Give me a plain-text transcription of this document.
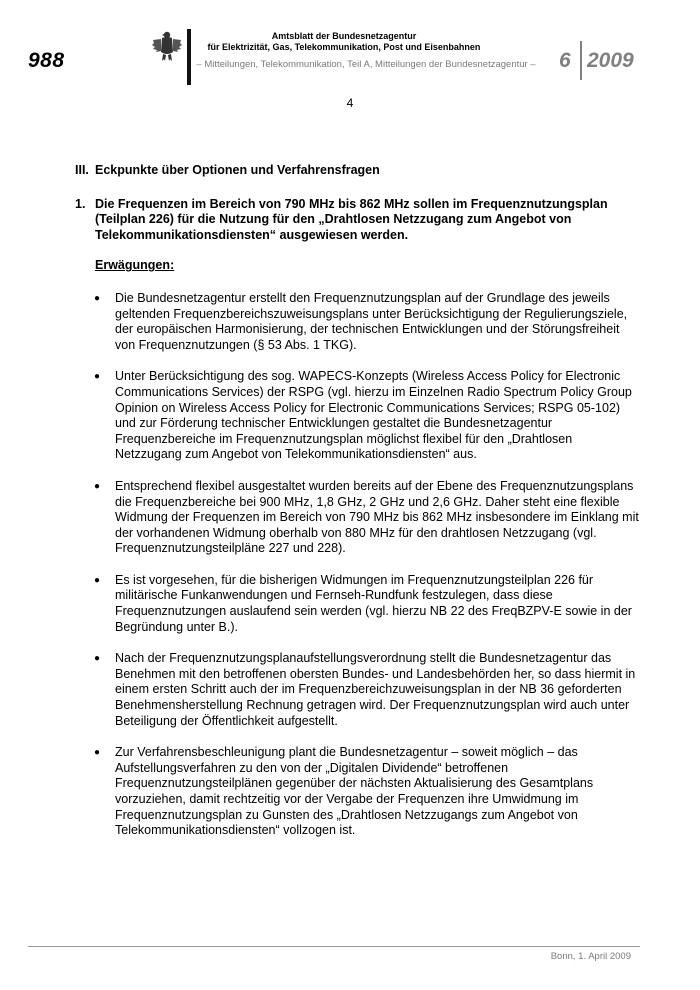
988
Amtsblatt der Bundesnetzagentur
für Elektrizität, Gas, Telekommunikation, Post und Eisenbahnen
– Mitteilungen, Telekommunikation, Teil A, Mitteilungen der Bundesnetzagentur – 6 2009
4
III. Eckpunkte über Optionen und Verfahrensfragen
1. Die Frequenzen im Bereich von 790 MHz bis 862 MHz sollen im Frequenznutzungsplan (Teilplan 226) für die Nutzung für den „Drahtlosen Netzzugang zum Angebot von Telekommunikationsdiensten“ ausgewiesen werden.
Erwägungen:
●	Die Bundesnetzagentur erstellt den Frequenznutzungsplan auf der Grundlage des jeweils geltenden Frequenzbereichszuweisungsplans unter Berücksichtigung der Regulierungsziele, der europäischen Harmonisierung, der technischen Entwicklungen und der Störungsfreiheit von Frequenznutzungen (§ 53 Abs. 1 TKG).
●	Unter Berücksichtigung des sog. WAPECS-Konzepts (Wireless Access Policy for Electronic Communications Services) der RSPG (vgl. hierzu im Einzelnen Radio Spectrum Policy Group Opinion on Wireless Access Policy for Electronic Communications Services; RSPG 05-102) und zur Förderung technischer Entwicklungen gestaltet die Bundesnetzagentur Frequenzbereiche im Frequenznutzungsplan möglichst flexibel für den „Drahtlosen Netzzugang zum Angebot von Telekommunikationsdiensten“ aus.
●	Entsprechend flexibel ausgestaltet wurden bereits auf der Ebene des Frequenznutzungsplans die Frequenzbereiche bei 900 MHz, 1,8 GHz, 2 GHz und 2,6 GHz. Daher steht eine flexible Widmung der Frequenzen im Bereich von 790 MHz bis 862 MHz insbesondere im Einklang mit der vorhandenen Widmung oberhalb von 880 MHz für den drahtlosen Netzzugang (vgl. Frequenznutzungsteilpläne 227 und 228).
●	Es ist vorgesehen, für die bisherigen Widmungen im Frequenznutzungsteilplan 226 für militärische Funkanwendungen und Fernseh-Rundfunk festzulegen, dass diese Frequenznutzungen auslaufend sein werden (vgl. hierzu NB 22 des FreqBZPV-E sowie in der Begründung unter B.).
●	Nach der Frequenznutzungsplanaufstellungsverordnung stellt die Bundesnetzagentur das Benehmen mit den betroffenen obersten Bundes- und Landesbehörden her, so dass hiermit in einem ersten Schritt auch der im Frequenzbereichzuweisungsplan in der NB 36 geforderten Benehmensherstellung Rechnung getragen wird. Der Frequenznutzungsplan wird auch unter Beteiligung der Öffentlichkeit aufgestellt.
●	Zur Verfahrensbeschleunigung plant die Bundesnetzagentur – soweit möglich – das Aufstellungsverfahren zu den von der „Digitalen Dividende“ betroffenen Frequenznutzungsteilplänen gegenüber der nächsten Aktualisierung des Gesamtplans vorzuziehen, damit rechtzeitig vor der Vergabe der Frequenzen ihre Umwidmung im Frequenznutzungsplan zu Gunsten des „Drahtlosen Netzzugangs zum Angebot von Telekommunikationsdiensten“ vollzogen ist.
Bonn, 1. April 2009
